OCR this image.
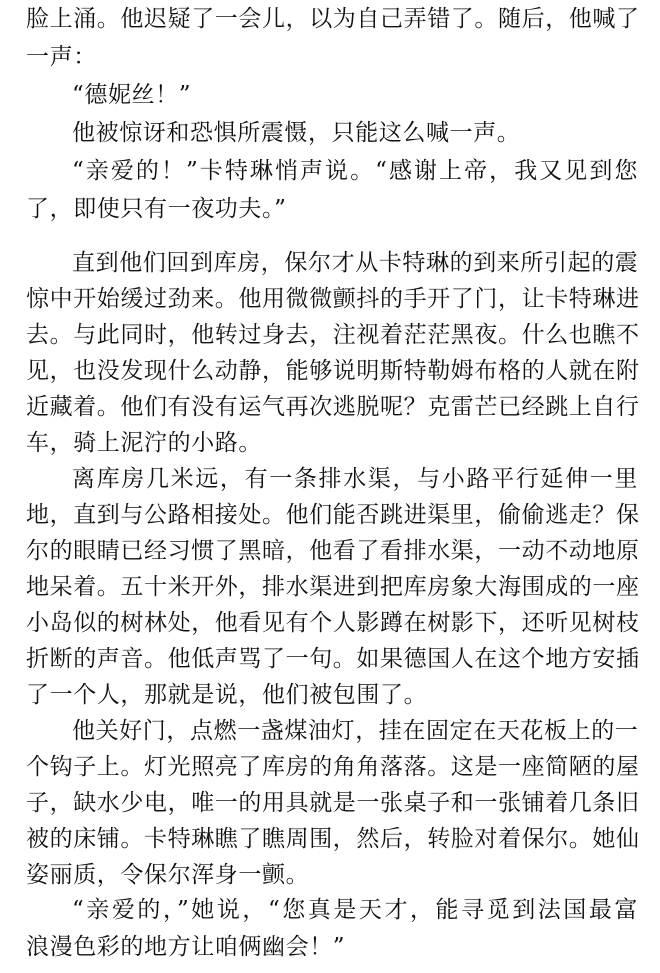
脸上涌。他迟疑了一会儿，以为自己弄错了。随后，他喊了
一声：
“德妮丝！”
他被惊讶和恐惧所震慑，只能这么喊一声。
“亲爱的！”卡特琳悄声说。“感谢上帝，我又见到您
了，即使只有一夜功夫。”
直到他们回到库房，保尔才从卡特琳的到来所引起的震
惊中开始缓过劲来。他用微微颤抖的手开了门，让卡特琳进
去。与此同时，他转过身去，注视着茫茫黑夜。什么也瞧不
见，也没发现什么动静，能够说明斯特勒姆布格的人就在附
近藏着。他们有没有运气再次逃脱呢？克雷芒已经跳上自行
车，骑上泥泞的小路。
离库房几米远，有一条排水渠，与小路平行延伸一里
地，直到与公路相接处。他们能否跳进渠里，偷偷逃走？保
尔的眼睛已经习惯了黑暗，他看了看排水渠，一动不动地原
地呆着。五十米开外，排水渠进到把库房象大海围成的一座
小岛似的树林处，他看见有个人影蹲在树影下，还听见树枝
折断的声音。他低声骂了一句。如果德国人在这个地方安插
了一个人，那就是说，他们被包围了。
他关好门，点燃一盏煤油灯，挂在固定在天花板上的一
个钩子上。灯光照亮了库房的角角落落。这是一座简陋的屋
子，缺水少电，唯一的用具就是一张桌子和一张铺着几条旧
被的床铺。卡特琳瞧了瞧周围，然后，转脸对着保尔。她仙
姿丽质，令保尔浑身一颤。
“亲爱的，”她说，“您真是天才，能寻觅到法国最富
浪漫色彩的地方让咱俩幽会！”
